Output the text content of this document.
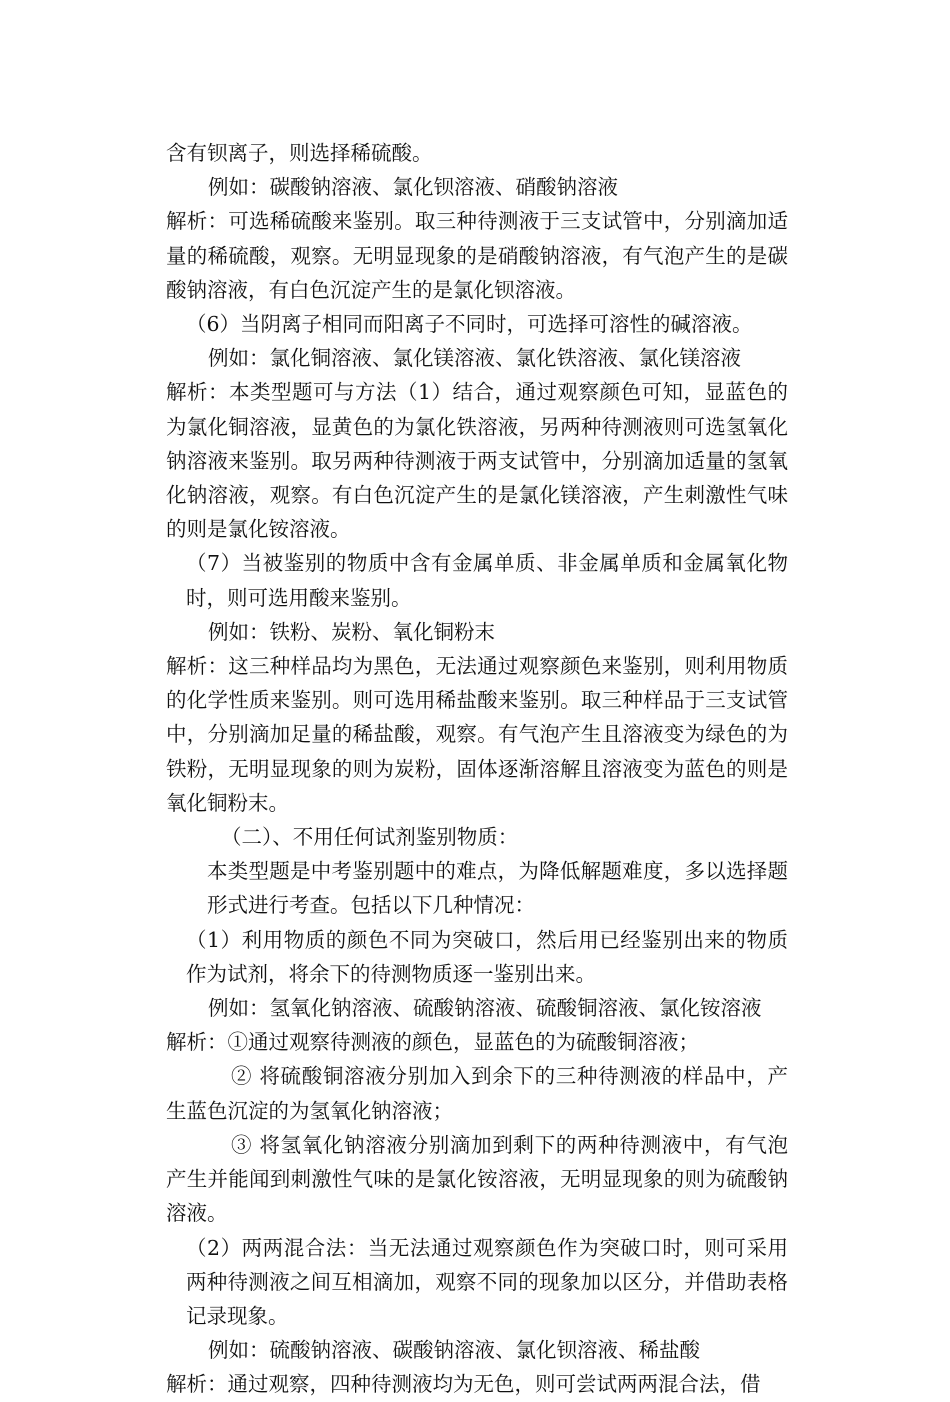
含有钡离子，则选择稀硫酸。

例如：碳酸钠溶液、氯化钡溶液、硝酸钠溶液

解析：可选稀硫酸来鉴别。取三种待测液于三支试管中，分别滴加适量的稀硫酸，观察。无明显现象的是硝酸钠溶液，有气泡产生的是碳酸钠溶液，有白色沉淀产生的是氯化钡溶液。

（6）当阴离子相同而阳离子不同时，可选择可溶性的碱溶液。

例如：氯化铜溶液、氯化镁溶液、氯化铁溶液、氯化镁溶液

解析：本类型题可与方法（1）结合，通过观察颜色可知，显蓝色的为氯化铜溶液，显黄色的为氯化铁溶液，另两种待测液则可选氢氧化钠溶液来鉴别。取另两种待测液于两支试管中，分别滴加适量的氢氧化钠溶液，观察。有白色沉淀产生的是氯化镁溶液，产生刺激性气味的则是氯化铵溶液。

（7）当被鉴别的物质中含有金属单质、非金属单质和金属氧化物时，则可选用酸来鉴别。

例如：铁粉、炭粉、氧化铜粉末

解析：这三种样品均为黑色，无法通过观察颜色来鉴别，则利用物质的化学性质来鉴别。则可选用稀盐酸来鉴别。取三种样品于三支试管中，分别滴加足量的稀盐酸，观察。有气泡产生且溶液变为绿色的为铁粉，无明显现象的则为炭粉，固体逐渐溶解且溶液变为蓝色的则是氧化铜粉末。

（二）、不用任何试剂鉴别物质：

本类型题是中考鉴别题中的难点，为降低解题难度，多以选择题形式进行考查。包括以下几种情况：

（1）利用物质的颜色不同为突破口，然后用已经鉴别出来的物质作为试剂，将余下的待测物质逐一鉴别出来。

例如：氢氧化钠溶液、硫酸钠溶液、硫酸铜溶液、氯化铵溶液

解析：①通过观察待测液的颜色，显蓝色的为硫酸铜溶液；

② 将硫酸铜溶液分别加入到余下的三种待测液的样品中，产生蓝色沉淀的为氢氧化钠溶液；

③ 将氢氧化钠溶液分别滴加到剩下的两种待测液中，有气泡产生并能闻到刺激性气味的是氯化铵溶液，无明显现象的则为硫酸钠溶液。

（2）两两混合法：当无法通过观察颜色作为突破口时，则可采用两种待测液之间互相滴加，观察不同的现象加以区分，并借助表格记录现象。

例如：硫酸钠溶液、碳酸钠溶液、氯化钡溶液、稀盐酸

解析：通过观察，四种待测液均为无色，则可尝试两两混合法，借
